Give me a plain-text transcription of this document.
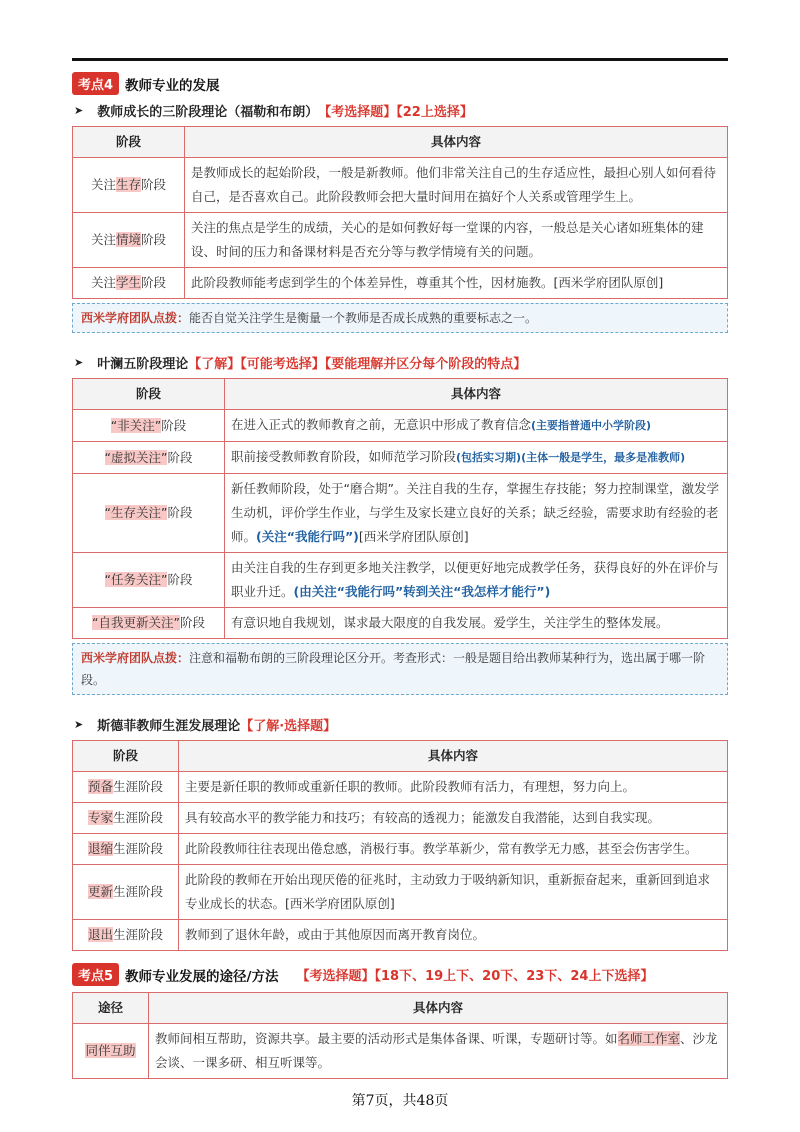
考点4 教师专业的发展
➤ 教师成长的三阶段理论（福勒和布朗） 【考选择题】【22上选择】
阶段	具体内容
关注生存阶段	是教师成长的起始阶段，一般是新教师。他们非常关注自己的生存适应性，最担心别人如何看待自己，是否喜欢自己。此阶段教师会把大量时间用在搞好个人关系或管理学生上。
关注情境阶段	关注的焦点是学生的成绩，关心的是如何教好每一堂课的内容，一般总是关心诸如班集体的建设、时间的压力和备课材料是否充分等与教学情境有关的问题。
关注学生阶段	此阶段教师能考虑到学生的个体差异性，尊重其个性，因材施教。[西米学府团队原创]
西米学府团队点拨：能否自觉关注学生是衡量一个教师是否成长成熟的重要标志之一。
➤ 叶澜五阶段理论 【了解】【可能考选择】【要能理解并区分每个阶段的特点】
阶段	具体内容
“非关注”阶段	在进入正式的教师教育之前，无意识中形成了教育信念(主要指普通中小学阶段)
“虚拟关注”阶段	职前接受教师教育阶段，如师范学习阶段(包括实习期)(主体一般是学生，最多是准教师)
“生存关注”阶段	新任教师阶段，处于“磨合期”。关注自我的生存，掌握生存技能；努力控制课堂，激发学生动机，评价学生作业，与学生及家长建立良好的关系；缺乏经验，需要求助有经验的老师。(关注“我能行吗”)[西米学府团队原创]
“任务关注”阶段	由关注自我的生存到更多地关注教学，以便更好地完成教学任务，获得良好的外在评价与职业升迁。(由关注“我能行吗”转到关注“我怎样才能行”)
“自我更新关注”阶段	有意识地自我规划，谋求最大限度的自我发展。爱学生，关注学生的整体发展。
西米学府团队点拨：注意和福勒布朗的三阶段理论区分开。考查形式：一般是题目给出教师某种行为，选出属于哪一阶段。
➤ 斯德菲教师生涯发展理论 【了解·选择题】
阶段	具体内容
预备生涯阶段	主要是新任职的教师或重新任职的教师。此阶段教师有活力，有理想，努力向上。
专家生涯阶段	具有较高水平的教学能力和技巧；有较高的透视力；能激发自我潜能，达到自我实现。
退缩生涯阶段	此阶段教师往往表现出倦怠感，消极行事。教学革新少，常有教学无力感，甚至会伤害学生。
更新生涯阶段	此阶段的教师在开始出现厌倦的征兆时，主动致力于吸纳新知识，重新振奋起来，重新回到追求专业成长的状态。[西米学府团队原创]
退出生涯阶段	教师到了退休年龄，或由于其他原因而离开教育岗位。
考点5 教师专业发展的途径/方法 【考选择题】【18下、19上下、20下、23下、24上下选择】
途径	具体内容
同伴互助	教师间相互帮助，资源共享。最主要的活动形式是集体备课、听课，专题研讨等。如名师工作室、沙龙会谈、一课多研、相互听课等。
第7页，共48页
